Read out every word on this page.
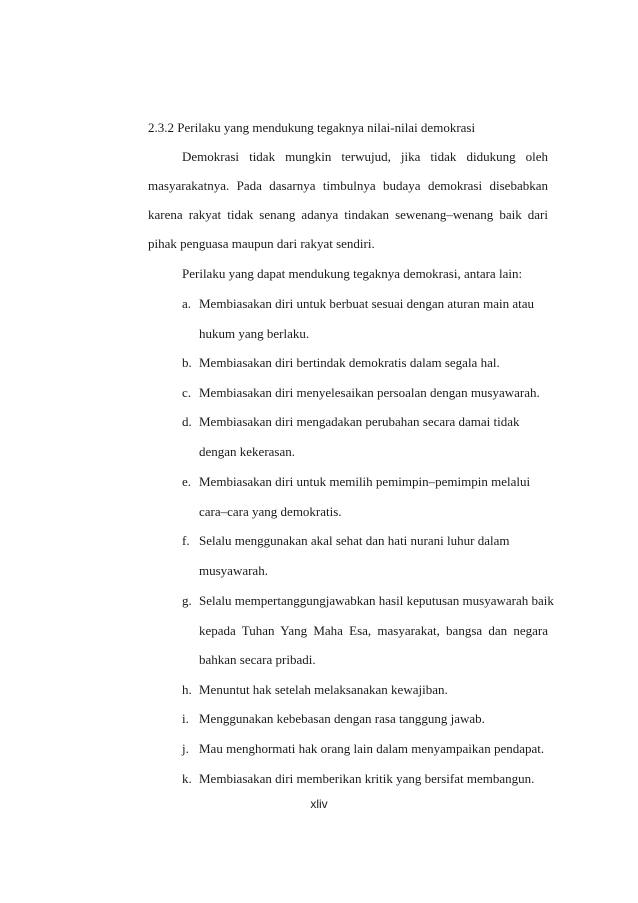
2.3.2 Perilaku yang mendukung tegaknya nilai-nilai demokrasi
Demokrasi tidak mungkin terwujud, jika tidak didukung oleh
masyarakatnya. Pada dasarnya timbulnya budaya demokrasi disebabkan
karena rakyat tidak senang adanya tindakan sewenang–wenang baik dari
pihak penguasa maupun dari rakyat sendiri.
Perilaku yang dapat mendukung tegaknya demokrasi, antara lain:
a. Membiasakan diri untuk berbuat sesuai dengan aturan main atau
hukum yang berlaku.
b. Membiasakan diri bertindak demokratis dalam segala hal.
c. Membiasakan diri menyelesaikan persoalan dengan musyawarah.
d. Membiasakan diri mengadakan perubahan secara damai tidak
dengan kekerasan.
e. Membiasakan diri untuk memilih pemimpin–pemimpin melalui
cara–cara yang demokratis.
f. Selalu menggunakan akal sehat dan hati nurani luhur dalam
musyawarah.
g. Selalu mempertanggungjawabkan hasil keputusan musyawarah baik
kepada Tuhan Yang Maha Esa, masyarakat, bangsa dan negara
bahkan secara pribadi.
h. Menuntut hak setelah melaksanakan kewajiban.
i. Menggunakan kebebasan dengan rasa tanggung jawab.
j. Mau menghormati hak orang lain dalam menyampaikan pendapat.
k. Membiasakan diri memberikan kritik yang bersifat membangun.
xliv
